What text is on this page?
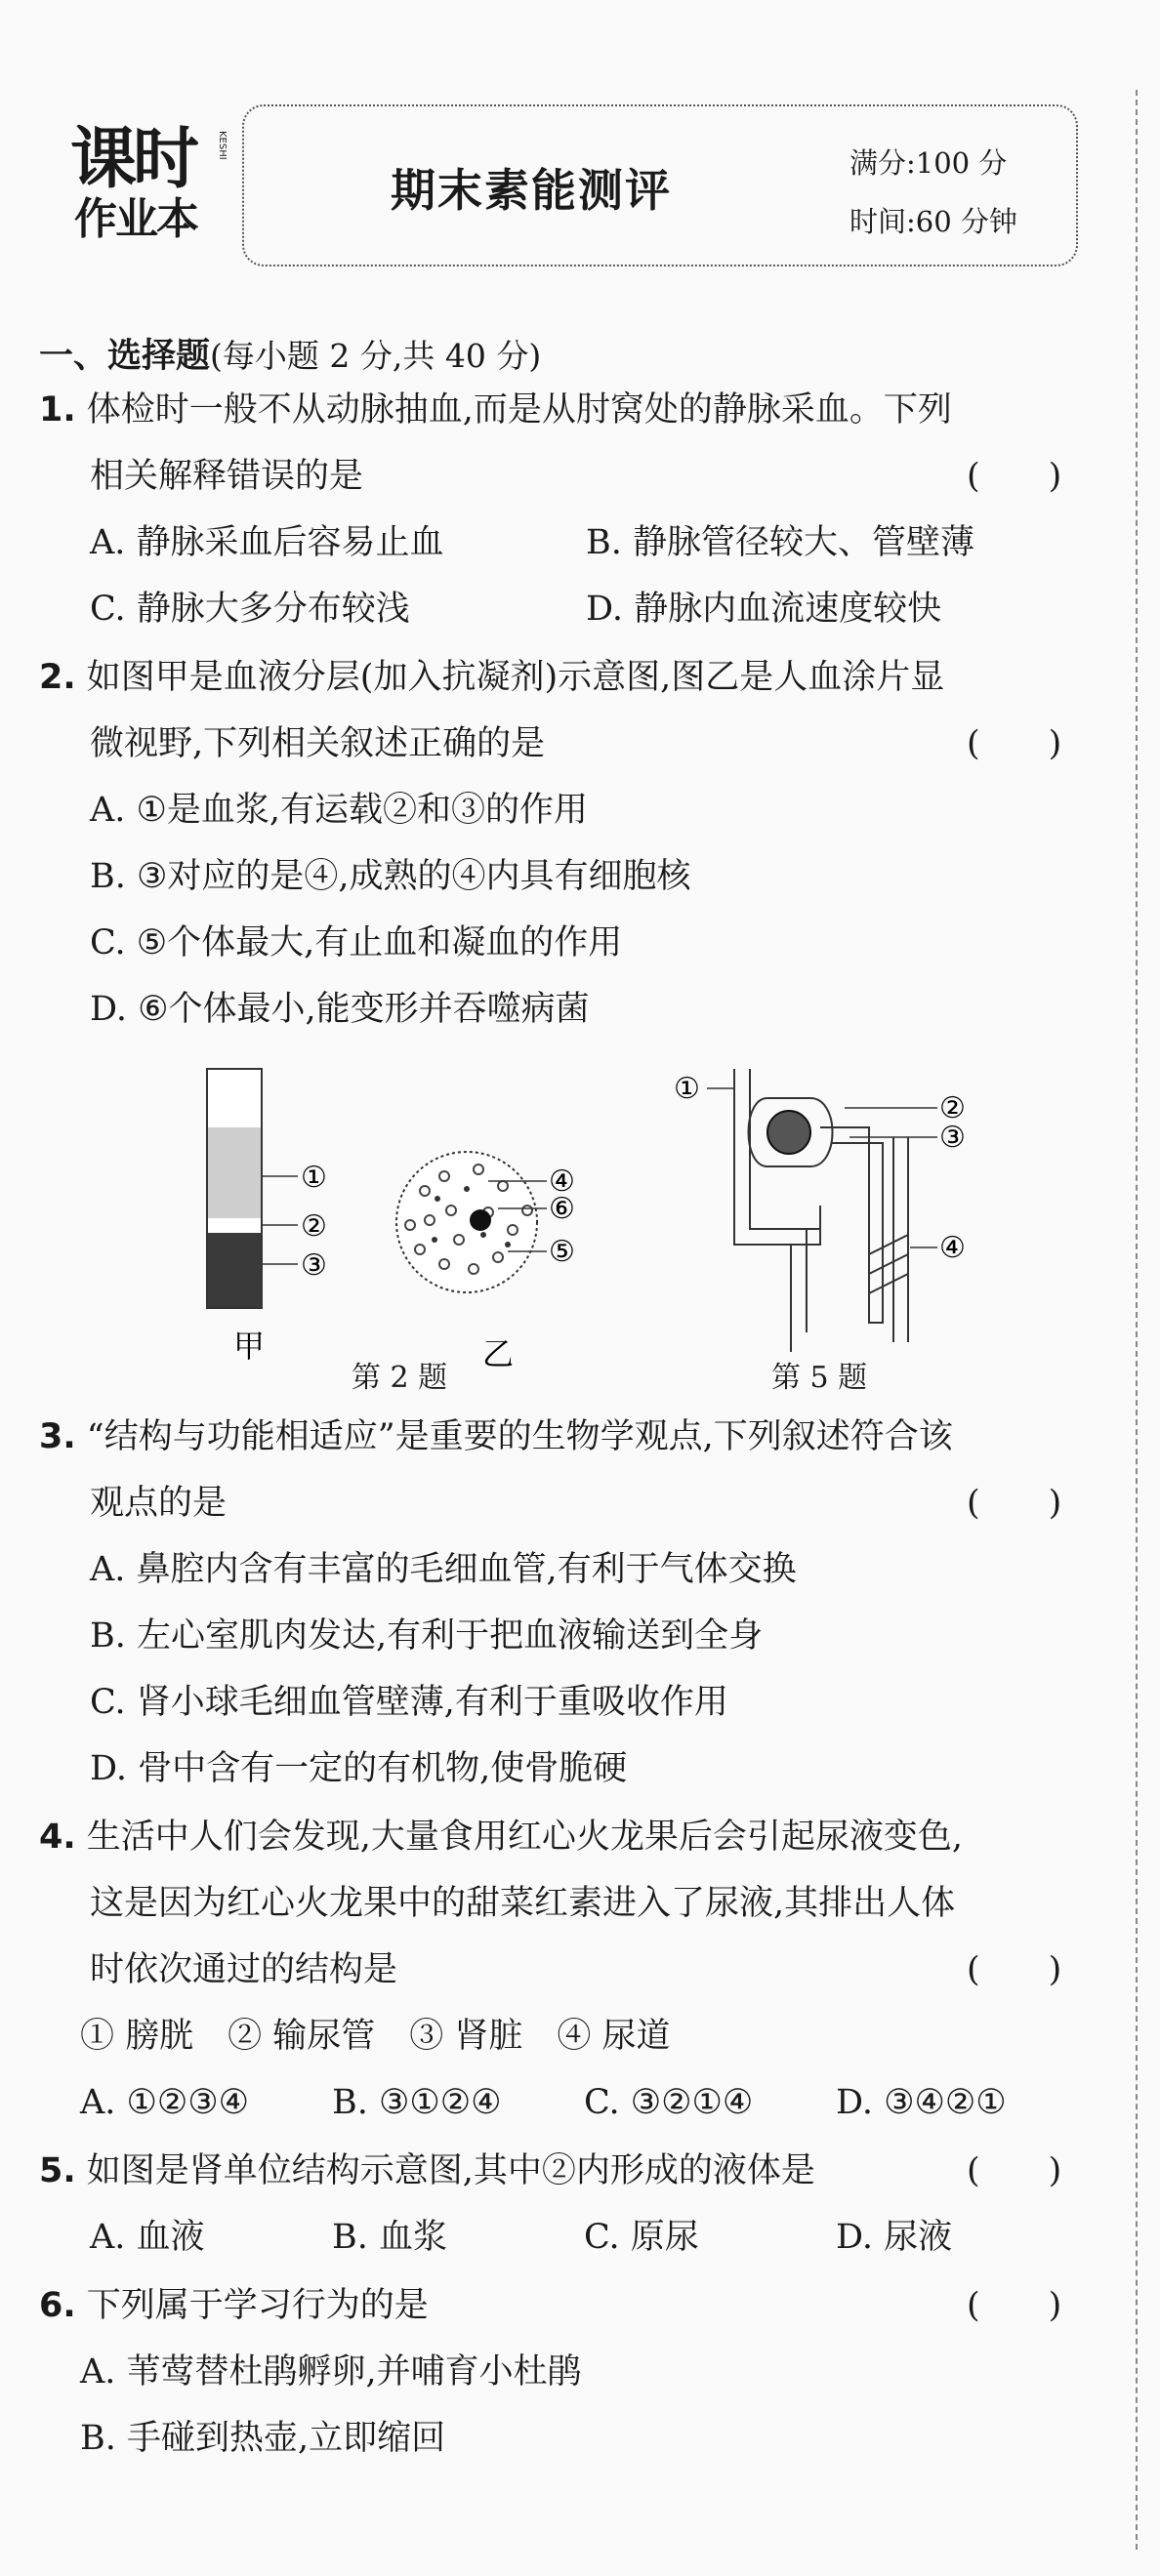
课时
作业本
KESHI
期末素能测评
满分:100 分
时间:60 分钟
一、选择题(每小题 2 分,共 40 分)
1. 体检时一般不从动脉抽血,而是从肘窝处的静脉采血。下列
相关解释错误的是	(　　)
A. 静脉采血后容易止血	B. 静脉管径较大、管壁薄
C. 静脉大多分布较浅	D. 静脉内血流速度较快
2. 如图甲是血液分层(加入抗凝剂)示意图,图乙是人血涂片显
微视野,下列相关叙述正确的是	(　　)
A. ①是血浆,有运载②和③的作用
B. ③对应的是④,成熟的④内具有细胞核
C. ⑤个体最大,有止血和凝血的作用
D. ⑥个体最小,能变形并吞噬病菌
①
②
③
甲
④
⑥
⑤
乙
第 2 题
①
②
③
④
第 5 题
3. “结构与功能相适应”是重要的生物学观点,下列叙述符合该
观点的是	(　　)
A. 鼻腔内含有丰富的毛细血管,有利于气体交换
B. 左心室肌肉发达,有利于把血液输送到全身
C. 肾小球毛细血管壁薄,有利于重吸收作用
D. 骨中含有一定的有机物,使骨脆硬
4. 生活中人们会发现,大量食用红心火龙果后会引起尿液变色,
这是因为红心火龙果中的甜菜红素进入了尿液,其排出人体
时依次通过的结构是	(　　)
① 膀胱　② 输尿管　③ 肾脏　④ 尿道
A. ①②③④ B. ③①②④ C. ③②①④ D. ③④②①
5. 如图是肾单位结构示意图,其中②内形成的液体是	(　　)
A. 血液	B. 血浆	C. 原尿	D. 尿液
6. 下列属于学习行为的是	(　　)
A. 苇莺替杜鹃孵卵,并哺育小杜鹃
B. 手碰到热壶,立即缩回
